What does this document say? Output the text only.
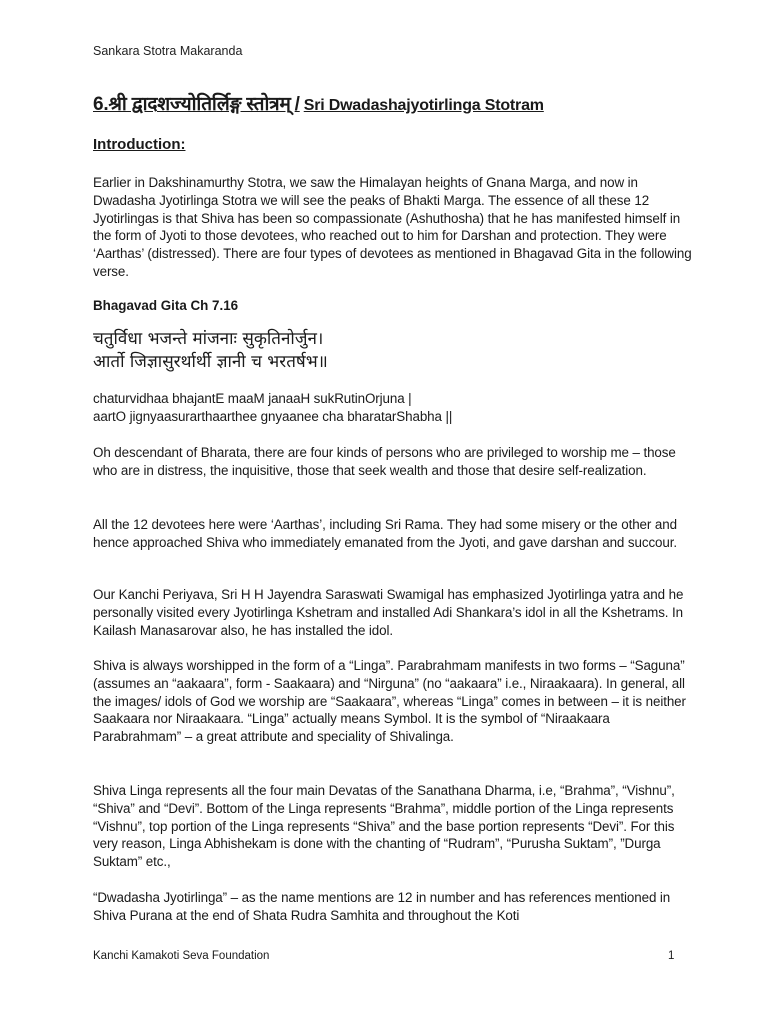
Sankara Stotra Makaranda
6.श्री द्वादशज्योतिर्लिङ्ग स्तोत्रम् / Sri Dwadashajyotirlinga Stotram
Introduction:

Earlier in Dakshinamurthy Stotra, we saw the Himalayan heights of Gnana Marga, and now in Dwadasha Jyotirlinga Stotra we will see the peaks of Bhakti Marga. The essence of all these 12 Jyotirlingas is that Shiva has been so compassionate (Ashuthosha) that he has manifested himself in the form of Jyoti to those devotees, who reached out to him for Darshan and protection. They were ‘Aarthas’ (distressed). There are four types of devotees as mentioned in Bhagavad Gita in the following verse.

Bhagavad Gita Ch 7.16
चतुर्विधा भजन्ते मांजनाः सुकृतिनोर्जुन।
आर्तो जिज्ञासुरर्थार्थी ज्ञानी च भरतर्षभ॥
chaturvidhaa bhajantE maaM janaaH sukRutinOrjuna |
aartO jignyaasurarthaarthee gnyaanee cha bharatarShabha ||

Oh descendant of Bharata, there are four kinds of persons who are privileged to worship me – those who are in distress, the inquisitive, those that seek wealth and those that desire self-realization.

All the 12 devotees here were ‘Aarthas’, including Sri Rama. They had some misery or the other and hence approached Shiva who immediately emanated from the Jyoti, and gave darshan and succour.

Our Kanchi Periyava, Sri H H Jayendra Saraswati Swamigal has emphasized Jyotirlinga yatra and he personally visited every Jyotirlinga Kshetram and installed Adi Shankara’s idol in all the Kshetrams. In Kailash Manasarovar also, he has installed the idol.

Shiva is always worshipped in the form of a “Linga”. Parabrahmam manifests in two forms – “Saguna” (assumes an “aakaara”, form - Saakaara) and “Nirguna” (no “aakaara” i.e., Niraakaara). In general, all the images/ idols of God we worship are “Saakaara”, whereas “Linga” comes in between – it is neither Saakaara nor Niraakaara. “Linga” actually means Symbol. It is the symbol of “Niraakaara Parabrahmam” – a great attribute and speciality of Shivalinga.

Shiva Linga represents all the four main Devatas of the Sanathana Dharma, i.e, “Brahma”, “Vishnu”, “Shiva” and “Devi”. Bottom of the Linga represents “Brahma”, middle portion of the Linga represents “Vishnu”, top portion of the Linga represents “Shiva” and the base portion represents “Devi”. For this very reason, Linga Abhishekam is done with the chanting of “Rudram”, “Purusha Suktam”, ”Durga Suktam” etc.,

“Dwadasha Jyotirlinga” – as the name mentions are 12 in number and has references mentioned in Shiva Purana at the end of Shata Rudra Samhita and throughout the Koti

Kanchi Kamakoti Seva Foundation	1
